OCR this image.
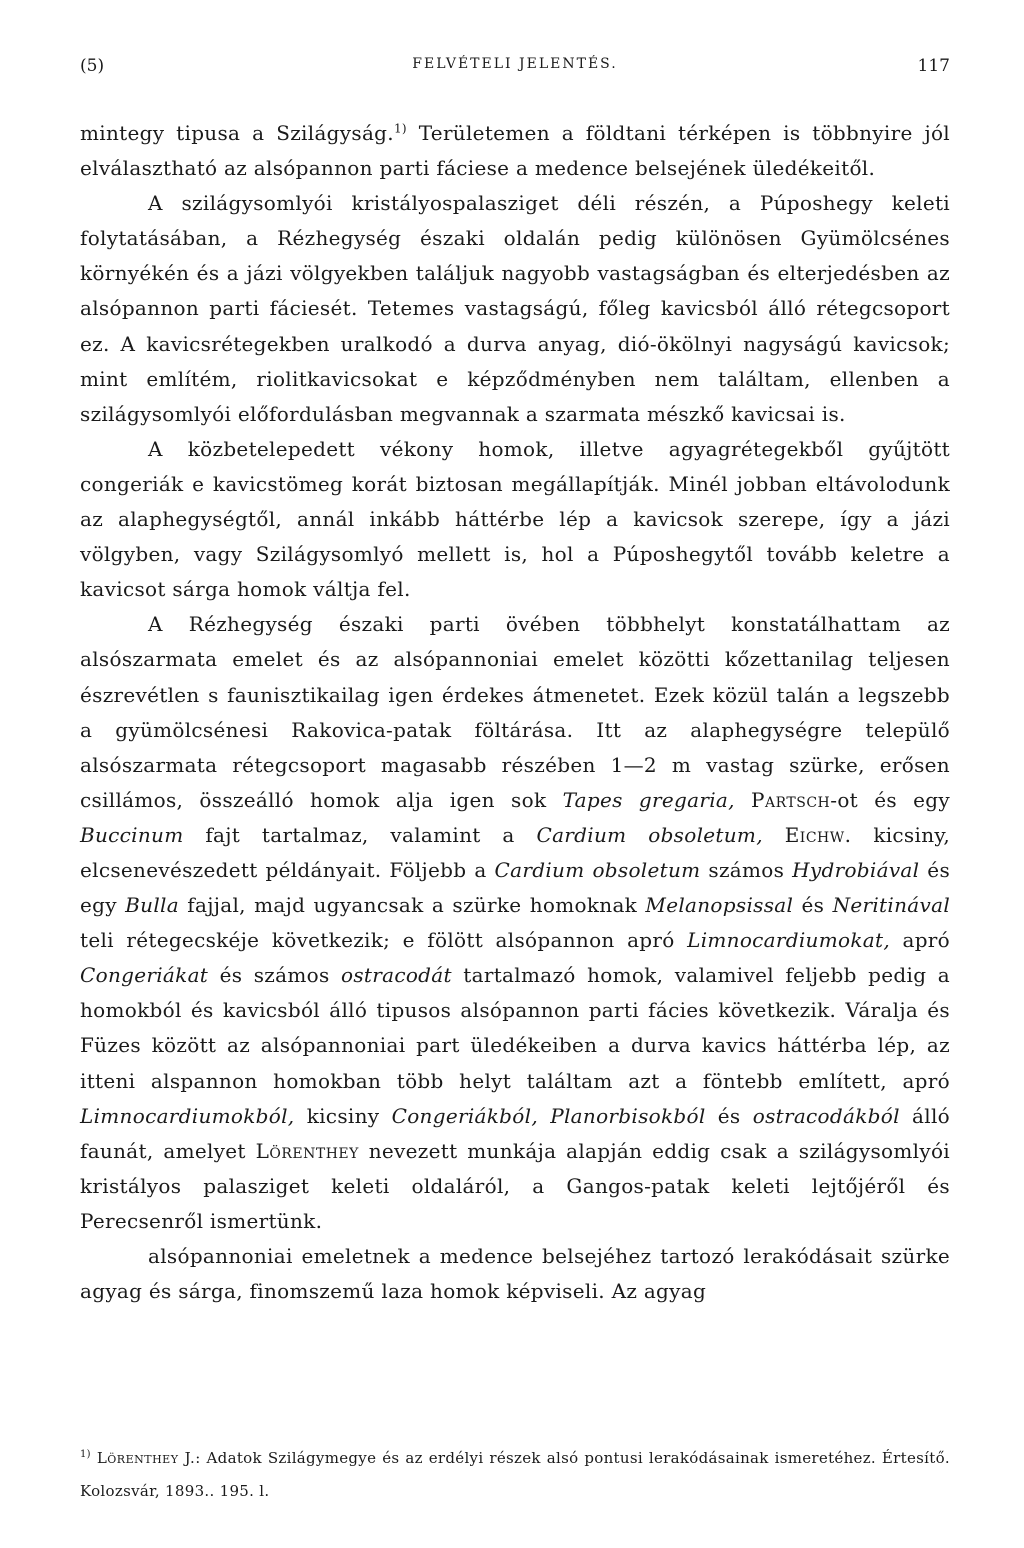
(5)	FELVÉTELI JELENTÉS.	117

mintegy tipusa a Szilágyság.$^{1)}$ Területemen a földtani térképen is többnyire jól elválasztható az alsópannon parti fáciese a medence belsejének üledékeitől.

A szilágysomlyói kristályospalasziget déli részén, a Púposhegy keleti folytatásában, a Rézhegység északi oldalán pedig különösen Gyümölcsénes környékén és a jázi völgyekben találjuk nagyobb vastagságban és elterjedésben az alsópannon parti fáciesét. Tetemes vastagságú, főleg kavicsból álló rétegcsoport ez. A kavicsrétegekben uralkodó a durva anyag, dió-ökölnyi nagyságú kavicsok; mint említém, riolitkavicsokat e képződményben nem találtam, ellenben a szilágysomlyói előfordulásban megvannak a szarmata mészkő kavicsai is.

A közbetelepedett vékony homok, illetve agyagrétegekből gyűjtött congeriák e kavicstömeg korát biztosan megállapítják. Minél jobban eltávolodunk az alaphegységtől, annál inkább háttérbe lép a kavicsok szerepe, így a jázi völgyben, vagy Szilágysomlyó mellett is, hol a Púposhegytől tovább keletre a kavicsot sárga homok váltja fel.

A Rézhegység északi parti övében többhelyt konstatálhattam az alsószarmata emelet és az alsópannoniai emelet közötti kőzettanilag teljesen észrevétlen s faunisztikailag igen érdekes átmenetet. Ezek közül talán a legszebb a gyümölcsénesi Rakovica-patak föltárása. Itt az alaphegységre települő alsószarmata rétegcsoport magasabb részében 1—2 m vastag szürke, erősen csillámos, összeálló homok alja igen sok Tapes gregaria, Partsch-ot és egy Buccinum fajt tartalmaz, valamint a Cardium obsoletum, Eichw. kicsiny, elcsenevészedett példányait. Följebb a Cardium obsoletum számos Hydrobiával és egy Bulla fajjal, majd ugyancsak a szürke homoknak Melanopsissal és Neritinával teli rétegecskéje következik; e fölött alsópannon apró Limnocardiumokat, apró Congeriákat és számos ostracodát tartalmazó homok, valamivel feljebb pedig a homokból és kavicsból álló tipusos alsópannon parti fácies következik. Váralja és Füzes között az alsópannoniai part üledékeiben a durva kavics háttérba lép, az itteni alspannon homokban több helyt találtam azt a föntebb említett, apró Limnocardiumokból, kicsiny Congeriákból, Planorbisokból és ostracodákból álló faunát, amelyet Lörenthey nevezett munkája alapján eddig csak a szilágysomlyói kristályos palasziget keleti oldaláról, a Gangos-patak keleti lejtőjéről és Perecsenről ismertünk.

alsópannoniai emeletnek a medence belsejéhez tartozó lerakódásait szürke agyag és sárga, finomszemű laza homok képviseli. Az agyag

$^{1)}$ Lörenthey J.: Adatok Szilágymegye és az erdélyi részek alsó pontusi lerakódásainak ismeretéhez. Értesítő. Kolozsvár, 1893.. 195. l.
